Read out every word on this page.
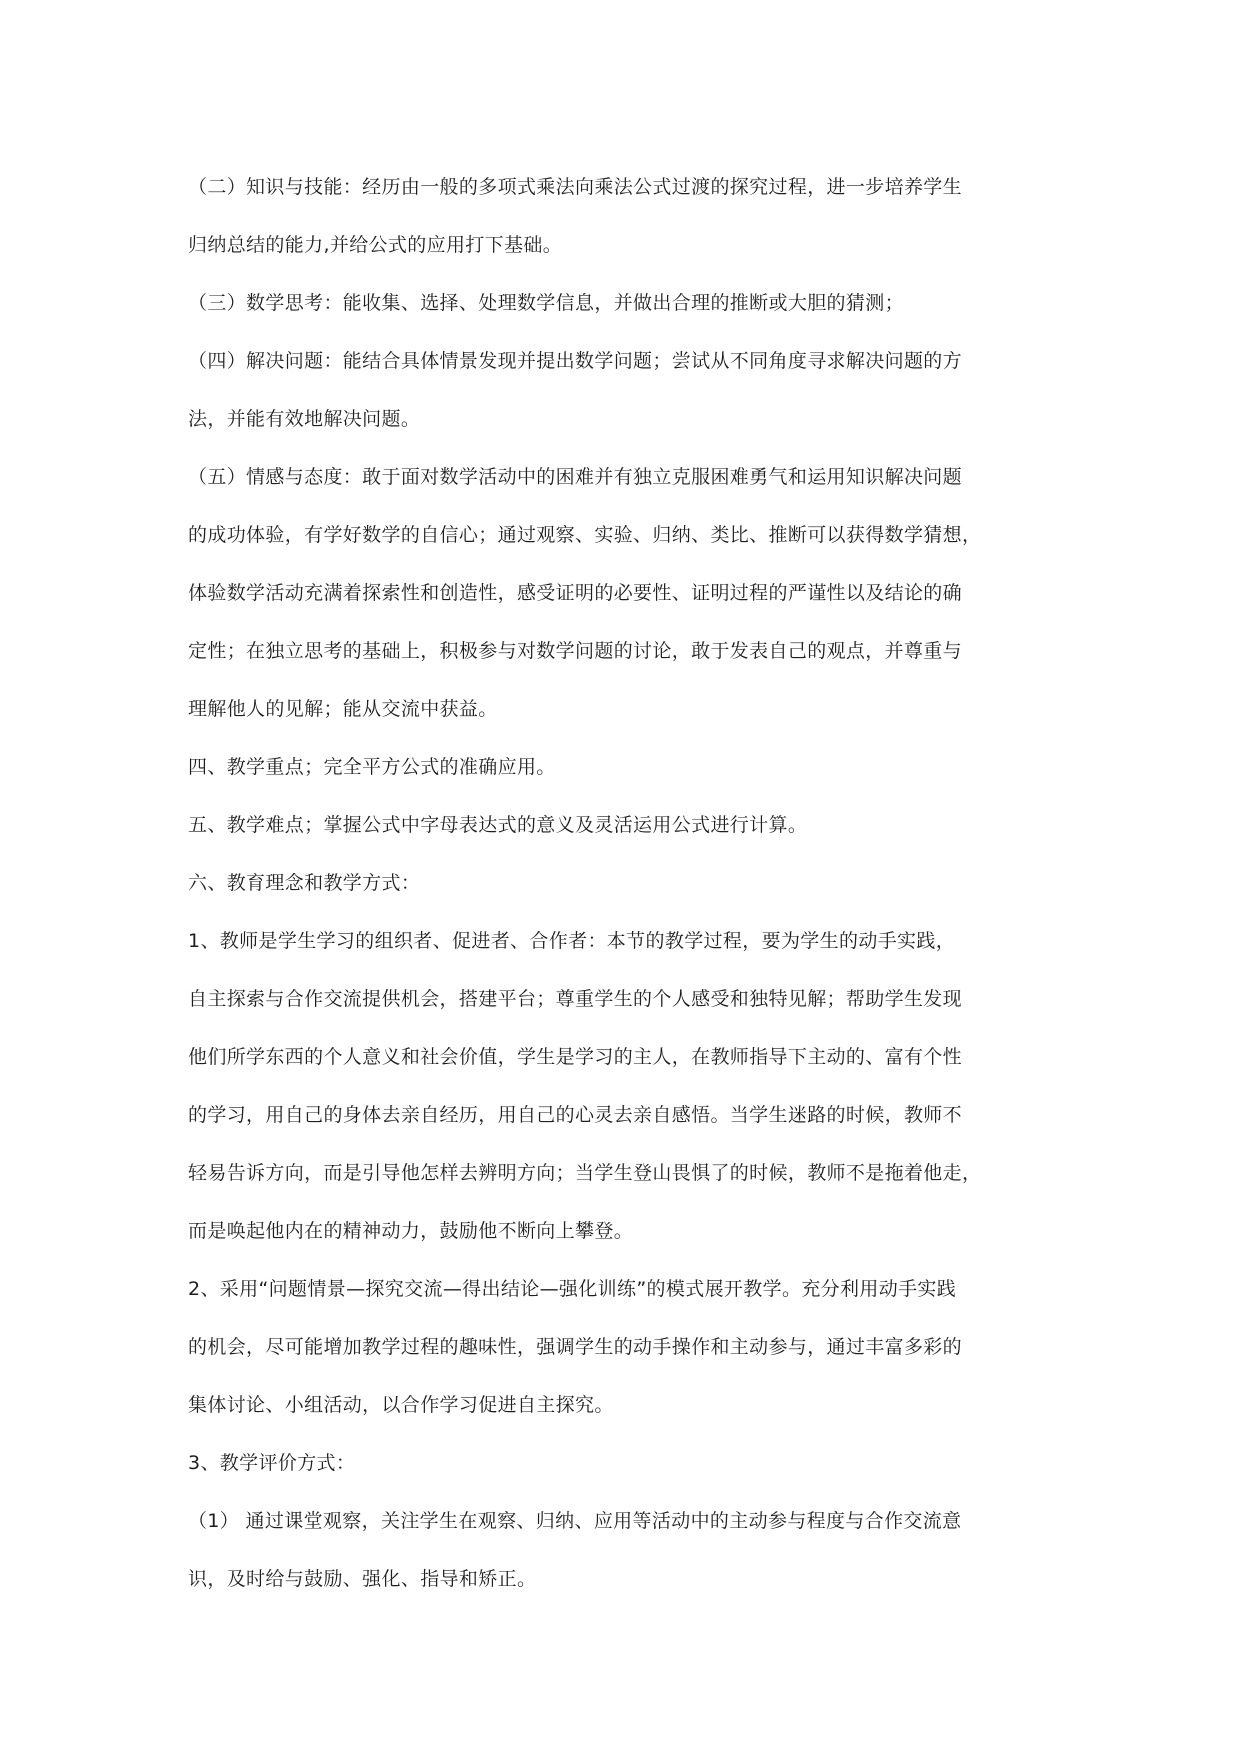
（二）知识与技能：经历由一般的多项式乘法向乘法公式过渡的探究过程，进一步培养学生
归纳总结的能力,并给公式的应用打下基础。
（三）数学思考：能收集、选择、处理数学信息，并做出合理的推断或大胆的猜测；
（四）解决问题：能结合具体情景发现并提出数学问题；尝试从不同角度寻求解决问题的方
法，并能有效地解决问题。
（五）情感与态度：敢于面对数学活动中的困难并有独立克服困难勇气和运用知识解决问题
的成功体验，有学好数学的自信心；通过观察、实验、归纳、类比、推断可以获得数学猜想，
体验数学活动充满着探索性和创造性，感受证明的必要性、证明过程的严谨性以及结论的确
定性；在独立思考的基础上，积极参与对数学问题的讨论，敢于发表自己的观点，并尊重与
理解他人的见解；能从交流中获益。
四、教学重点；完全平方公式的准确应用。
五、教学难点；掌握公式中字母表达式的意义及灵活运用公式进行计算。
六、教育理念和教学方式：
1、教师是学生学习的组织者、促进者、合作者：本节的教学过程，要为学生的动手实践，
自主探索与合作交流提供机会，搭建平台；尊重学生的个人感受和独特见解；帮助学生发现
他们所学东西的个人意义和社会价值，学生是学习的主人，在教师指导下主动的、富有个性
的学习，用自己的身体去亲自经历，用自己的心灵去亲自感悟。当学生迷路的时候，教师不
轻易告诉方向，而是引导他怎样去辨明方向；当学生登山畏惧了的时候，教师不是拖着他走，
而是唤起他内在的精神动力，鼓励他不断向上攀登。
2、采用“问题情景—探究交流—得出结论—强化训练”的模式展开教学。充分利用动手实践
的机会，尽可能增加教学过程的趣味性，强调学生的动手操作和主动参与，通过丰富多彩的
集体讨论、小组活动，以合作学习促进自主探究。
3、教学评价方式：
（1） 通过课堂观察，关注学生在观察、归纳、应用等活动中的主动参与程度与合作交流意
识，及时给与鼓励、强化、指导和矫正。
